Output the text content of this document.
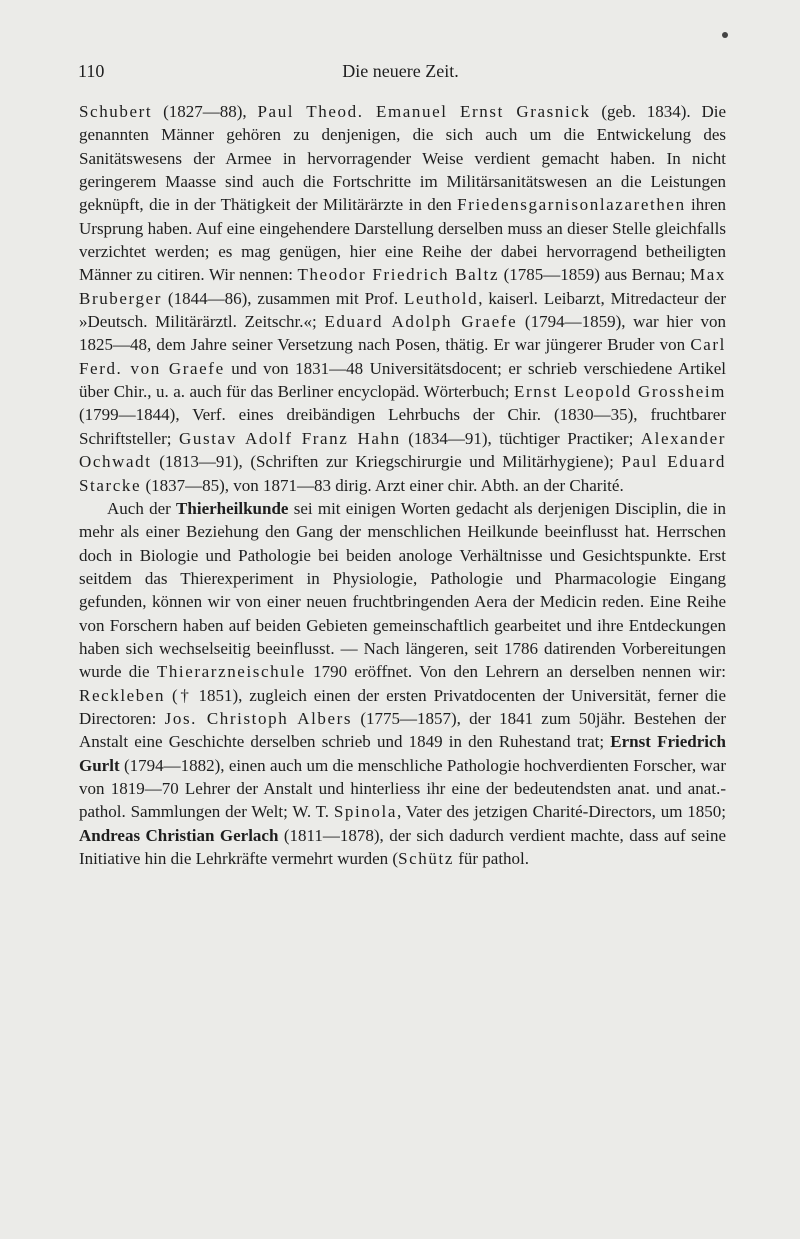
110	Die neuere Zeit.

Schubert (1827—88), Paul Theod. Emanuel Ernst Grasnick (geb. 1834). Die genannten Männer gehören zu denjenigen, die sich auch um die Entwickelung des Sanitätswesens der Armee in hervorragender Weise verdient gemacht haben. In nicht geringerem Maasse sind auch die Fortschritte im Militärsanitätswesen an die Leistungen geknüpft, die in der Thätigkeit der Militärärzte in den Friedensgarnisonlazarethen ihren Ursprung haben. Auf eine eingehendere Darstellung derselben muss an dieser Stelle gleichfalls verzichtet werden; es mag genügen, hier eine Reihe der dabei hervorragend betheiligten Männer zu citiren. Wir nennen: Theodor Friedrich Baltz (1785—1859) aus Bernau; Max Bruberger (1844—86), zusammen mit Prof. Leuthold, kaiserl. Leibarzt, Mitredacteur der »Deutsch. Militärärztl. Zeitschr.«; Eduard Adolph Graefe (1794—1859), war hier von 1825—48, dem Jahre seiner Versetzung nach Posen, thätig. Er war jüngerer Bruder von Carl Ferd. von Graefe und von 1831—48 Universitätsdocent; er schrieb verschiedene Artikel über Chir., u. a. auch für das Berliner encyclopäd. Wörterbuch; Ernst Leopold Grossheim (1799—1844), Verf. eines dreibändigen Lehrbuchs der Chir. (1830—35), fruchtbarer Schriftsteller; Gustav Adolf Franz Hahn (1834—91), tüchtiger Practiker; Alexander Ochwadt (1813—91), (Schriften zur Kriegschirurgie und Militärhygiene); Paul Eduard Starcke (1837—85), von 1871—83 dirig. Arzt einer chir. Abth. an der Charité.

Auch der Thierheilkunde sei mit einigen Worten gedacht als derjenigen Disciplin, die in mehr als einer Beziehung den Gang der menschlichen Heilkunde beeinflusst hat. Herrschen doch in Biologie und Pathologie bei beiden anologe Verhältnisse und Gesichtspunkte. Erst seitdem das Thierexperiment in Physiologie, Pathologie und Pharmacologie Eingang gefunden, können wir von einer neuen fruchtbringenden Aera der Medicin reden. Eine Reihe von Forschern haben auf beiden Gebieten gemeinschaftlich gearbeitet und ihre Entdeckungen haben sich wechselseitig beeinflusst. — Nach längeren, seit 1786 datirenden Vorbereitungen wurde die Thierarzneischule 1790 eröffnet. Von den Lehrern an derselben nennen wir: Reckleben († 1851), zugleich einen der ersten Privatdocenten der Universität, ferner die Directoren: Jos. Christoph Albers (1775—1857), der 1841 zum 50jähr. Bestehen der Anstalt eine Geschichte derselben schrieb und 1849 in den Ruhestand trat; Ernst Friedrich Gurlt (1794—1882), einen auch um die menschliche Pathologie hochverdienten Forscher, war von 1819—70 Lehrer der Anstalt und hinterliess ihr eine der bedeutendsten anat. und anat.- pathol. Sammlungen der Welt; W. T. Spinola, Vater des jetzigen Charité-Directors, um 1850; Andreas Christian Gerlach (1811—1878), der sich dadurch verdient machte, dass auf seine Initiative hin die Lehrkräfte vermehrt wurden (Schütz für pathol.
